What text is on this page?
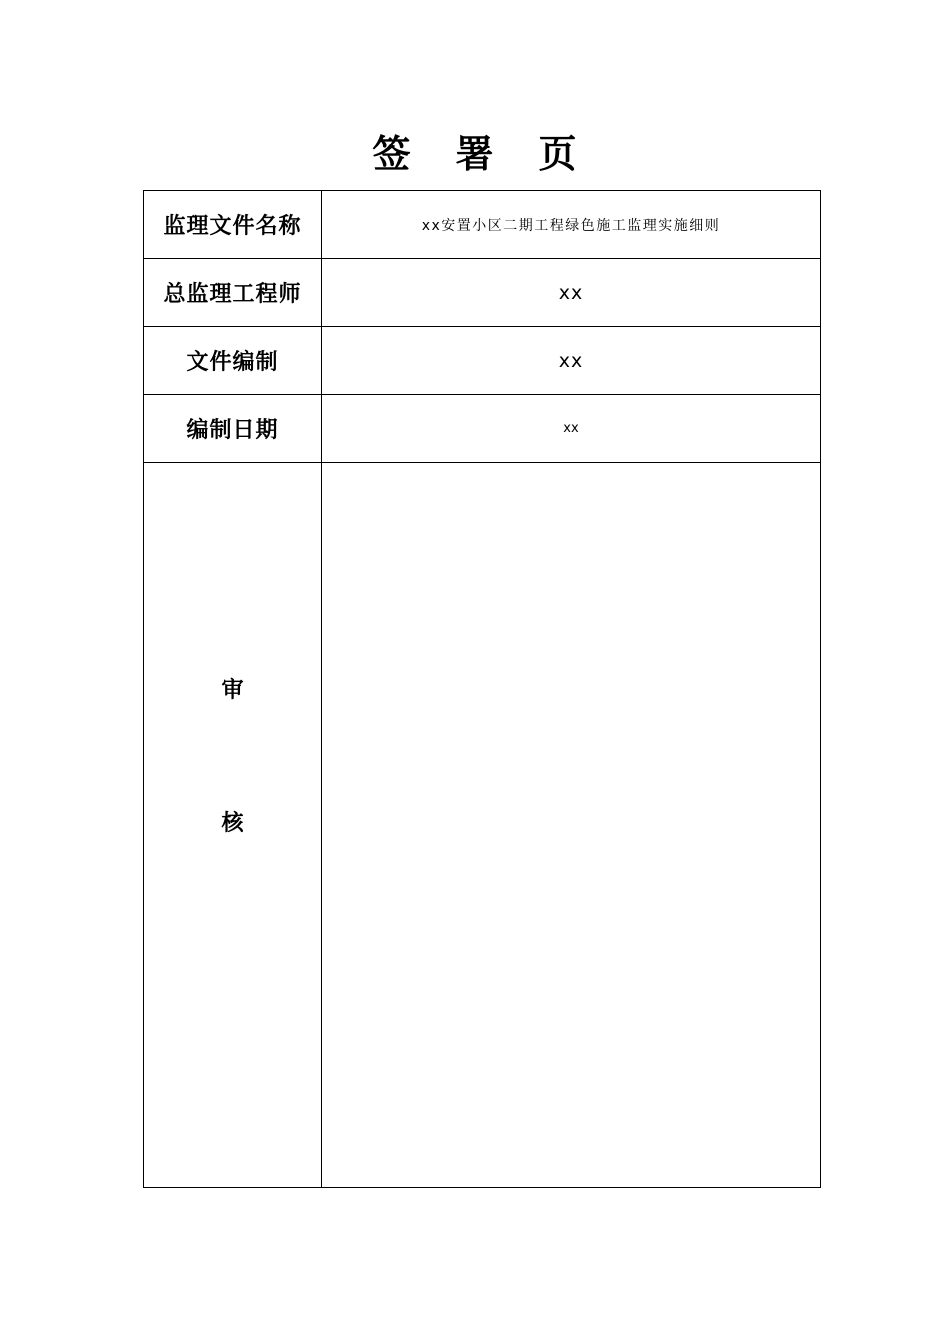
签 署 页
监理文件名称	xx安置小区二期工程绿色施工监理实施细则
总监理工程师	xx
文件编制	xx
编制日期	xx

审
核	
